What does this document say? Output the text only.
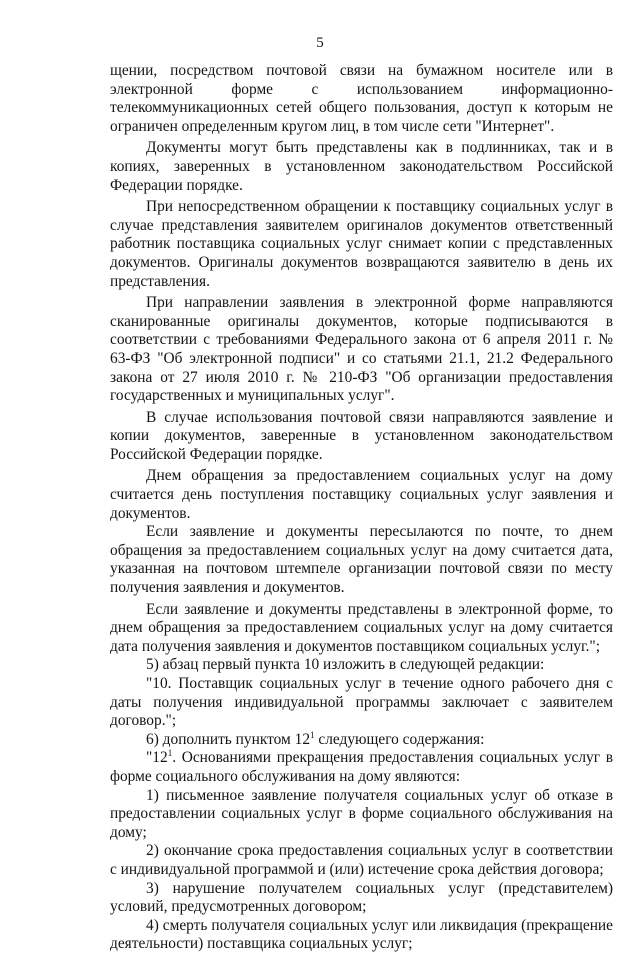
5

щении, посредством почтовой связи на бумажном носителе или в электронной форме с использованием информационно-телекоммуникационных сетей общего пользования, доступ к которым не ограничен определенным кругом лиц, в том числе сети "Интернет".

Документы могут быть представлены как в подлинниках, так и в копиях, заверенных в установленном законодательством Российской Федерации порядке.

При непосредственном обращении к поставщику социальных услуг в случае представления заявителем оригиналов документов ответственный работник поставщика социальных услуг снимает копии с представленных документов. Оригиналы документов возвращаются заявителю в день их представления.

При направлении заявления в электронной форме направляются сканированные оригиналы документов, которые подписываются в соответствии с требованиями Федерального закона от 6 апреля 2011 г. № 63-ФЗ "Об электронной подписи" и со статьями 21.1, 21.2 Федерального закона от 27 июля 2010 г. № 210-ФЗ "Об организации предоставления государственных и муниципальных услуг".

В случае использования почтовой связи направляются заявление и копии документов, заверенные в установленном законодательством Российской Федерации порядке.

Днем обращения за предоставлением социальных услуг на дому считается день поступления поставщику социальных услуг заявления и документов.

Если заявление и документы пересылаются по почте, то днем обращения за предоставлением социальных услуг на дому считается дата, указанная на почтовом штемпеле организации почтовой связи по месту получения заявления и документов.

Если заявление и документы представлены в электронной форме, то днем обращения за предоставлением социальных услуг на дому считается дата получения заявления и документов поставщиком социальных услуг.";

5) абзац первый пункта 10 изложить в следующей редакции:

"10. Поставщик социальных услуг в течение одного рабочего дня с даты получения индивидуальной программы заключает с заявителем договор.";

6) дополнить пунктом $12^1$ следующего содержания:

"$12^1$. Основаниями прекращения предоставления социальных услуг в форме социального обслуживания на дому являются:

1) письменное заявление получателя социальных услуг об отказе в предоставлении социальных услуг в форме социального обслуживания на дому;

2) окончание срока предоставления социальных услуг в соответствии с индивидуальной программой и (или) истечение срока действия договора;

3) нарушение получателем социальных услуг (представителем) условий, предусмотренных договором;

4) смерть получателя социальных услуг или ликвидация (прекращение деятельности) поставщика социальных услуг;
